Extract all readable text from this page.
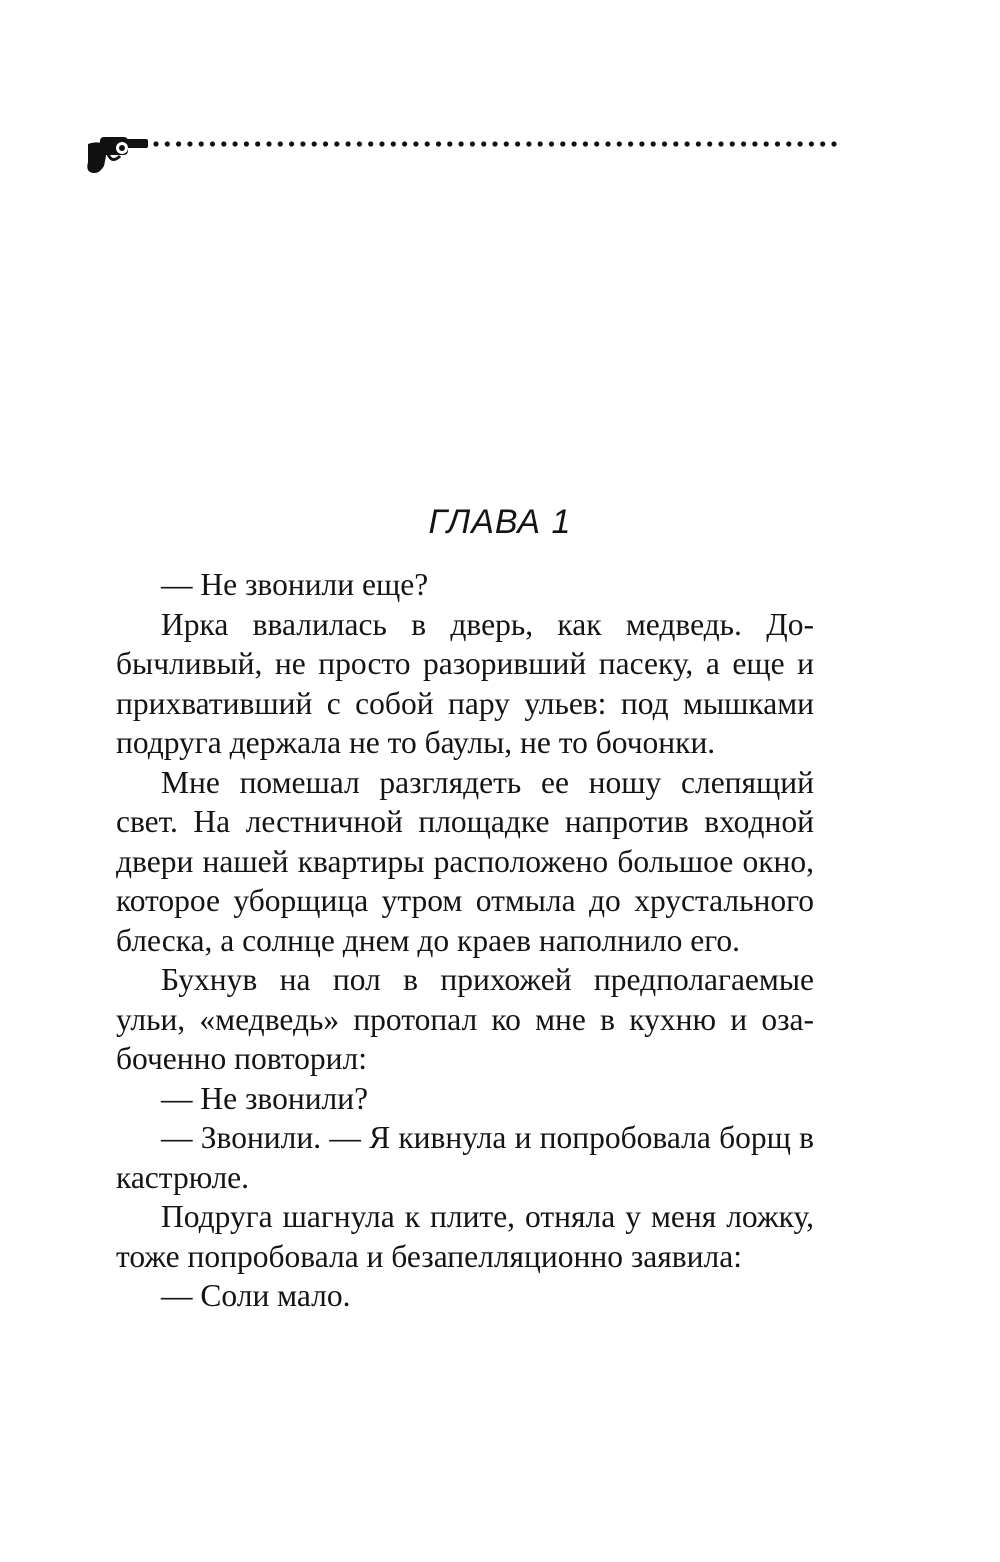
ГЛАВА 1

— Не звонили еще?

Ирка ввалилась в дверь, как медведь. Добычливый, не просто разоривший пасеку, а еще и прихвативший с собой пару ульев: под мышками подруга держала не то баулы, не то бочонки.

Мне помешал разглядеть ее ношу слепящий свет. На лестничной площадке напротив входной двери нашей квартиры расположено большое окно, которое уборщица утром отмыла до хрустального блеска, а солнце днем до краев наполнило его.

Бухнув на пол в прихожей предполагаемые ульи, «медведь» протопал ко мне в кухню и озабоченно повторил:

— Не звонили?

— Звонили. — Я кивнула и попробовала борщ в кастрюле.

Подруга шагнула к плите, отняла у меня ложку, тоже попробовала и безапелляционно заявила:

— Соли мало.
